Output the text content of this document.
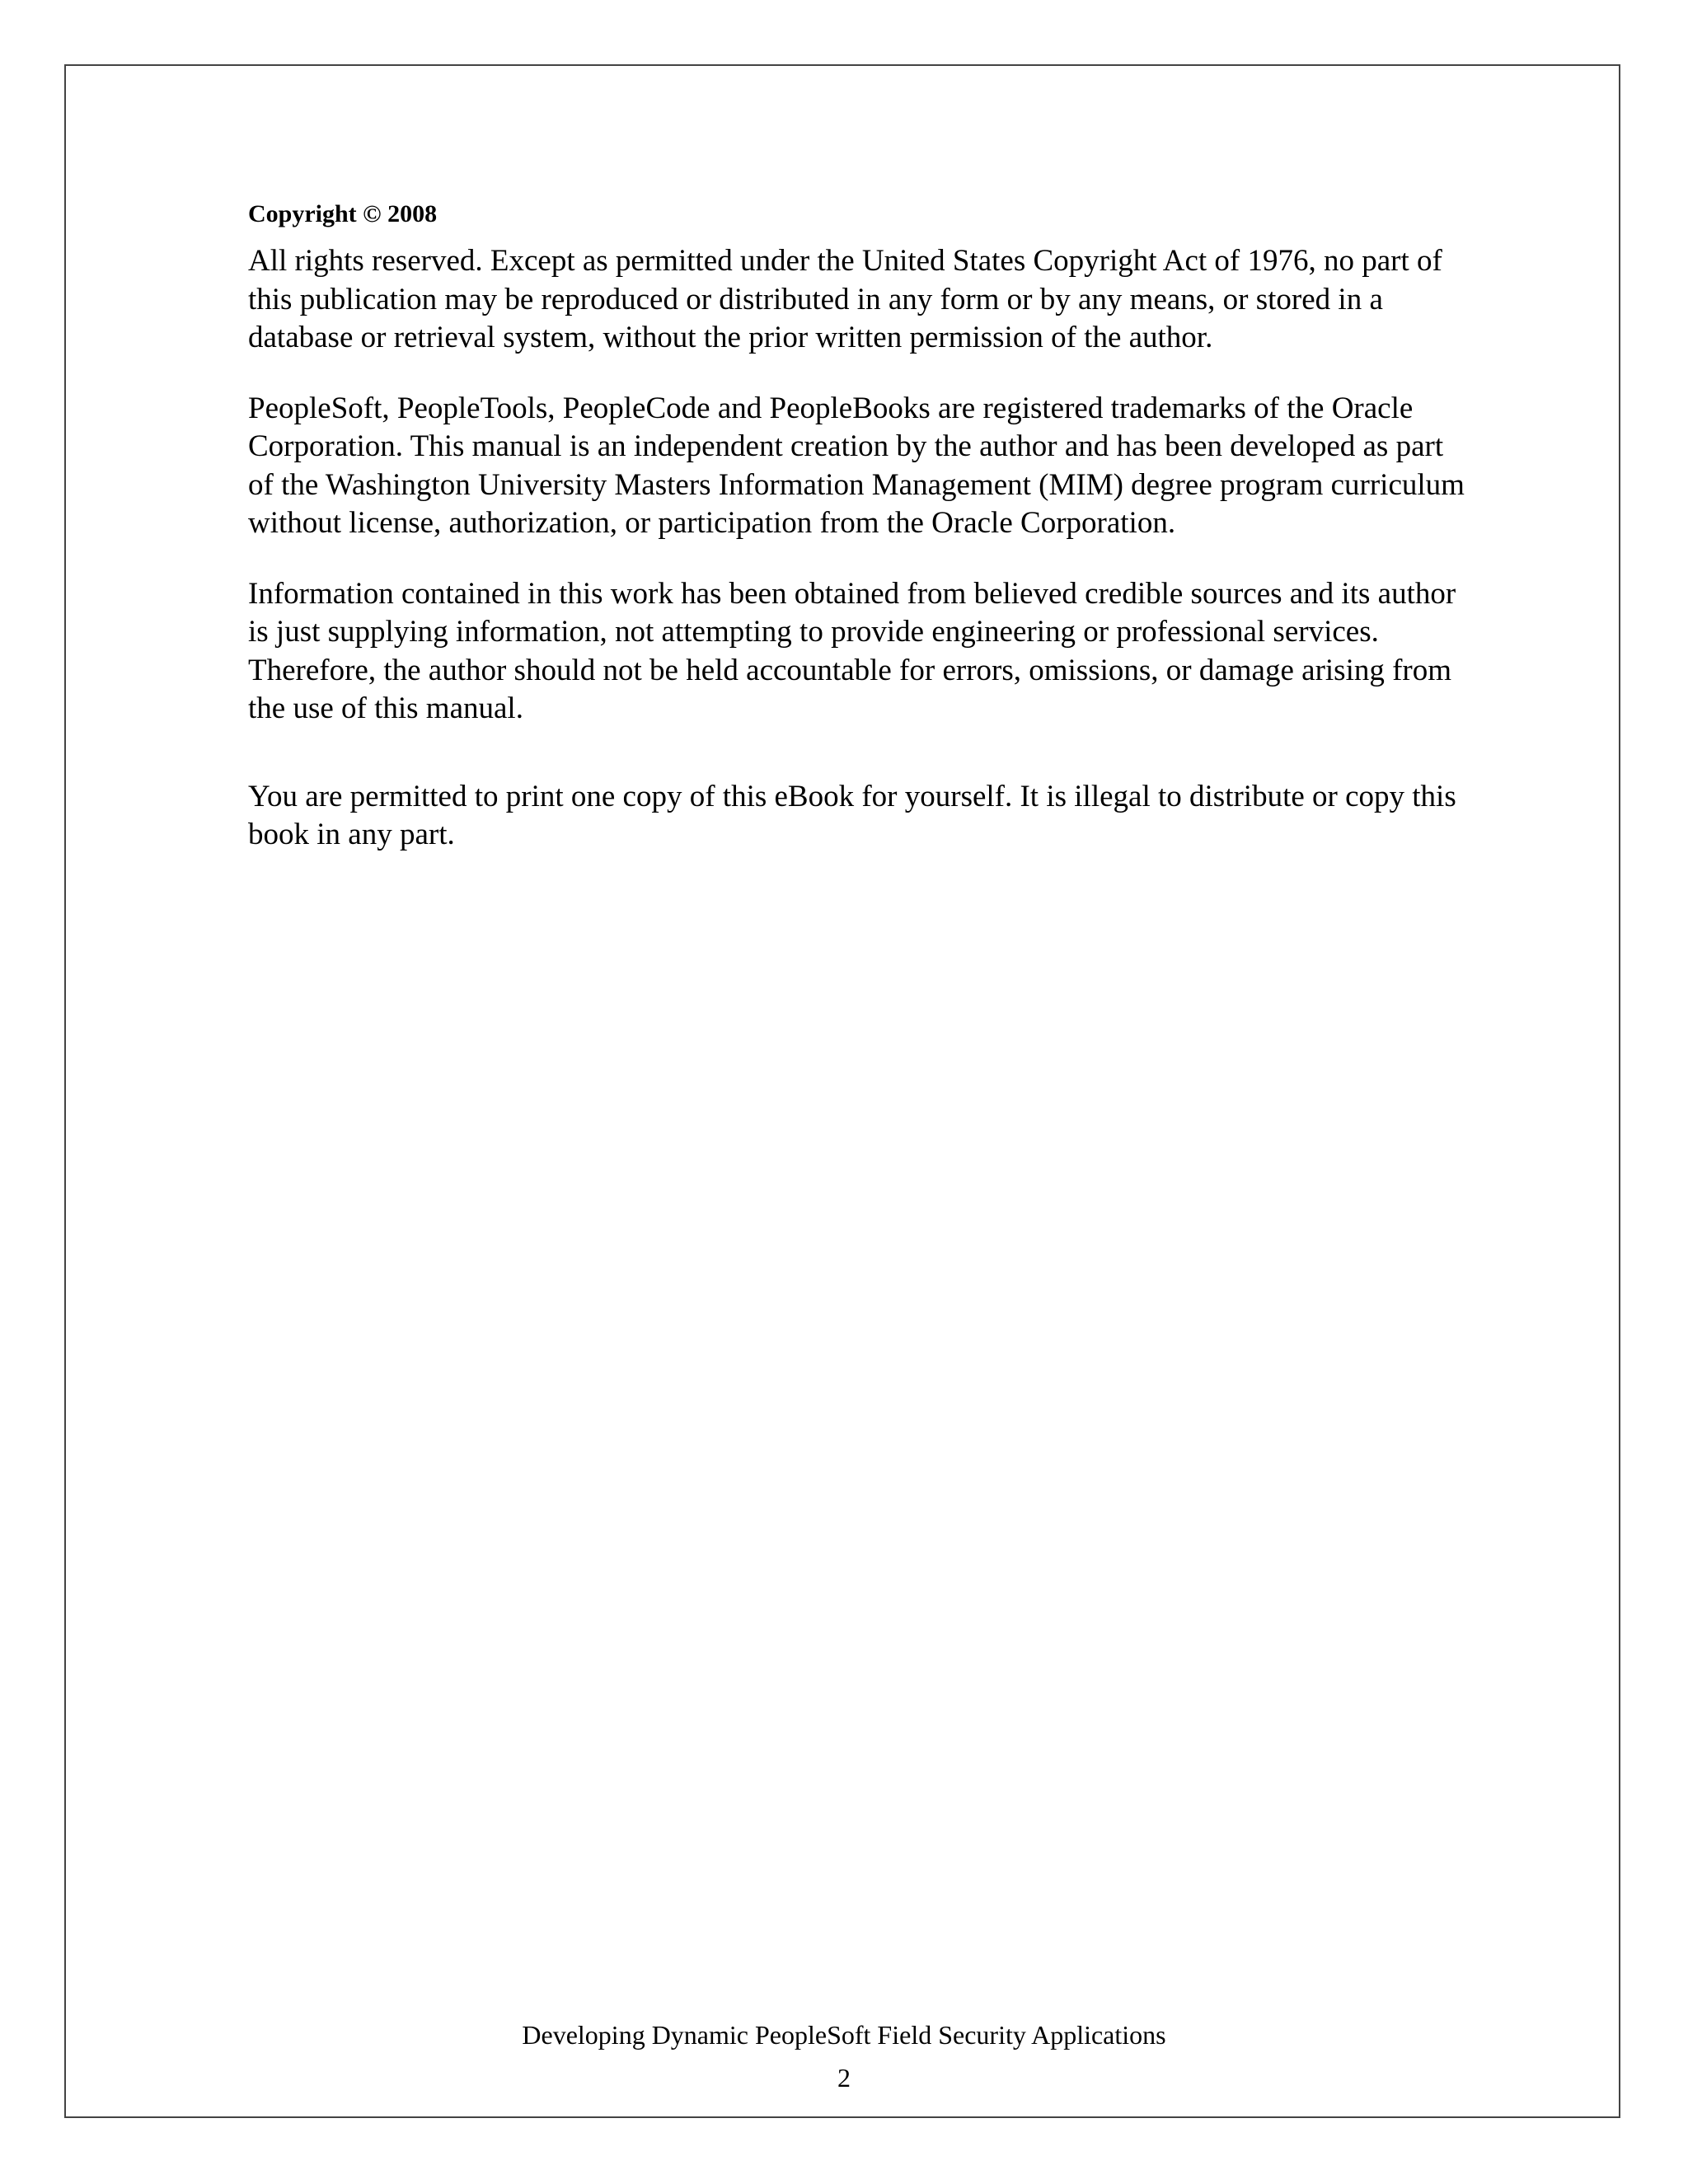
Copyright © 2008

All rights reserved. Except as permitted under the United States Copyright Act of 1976, no part of this publication may be reproduced or distributed in any form or by any means, or stored in a database or retrieval system, without the prior written permission of the author.

PeopleSoft, PeopleTools, PeopleCode and PeopleBooks are registered trademarks of the Oracle Corporation. This manual is an independent creation by the author and has been developed as part of the Washington University Masters Information Management (MIM) degree program curriculum without license, authorization, or participation from the Oracle Corporation.

Information contained in this work has been obtained from believed credible sources and its author is just supplying information, not attempting to provide engineering or professional services. Therefore, the author should not be held accountable for errors, omissions, or damage arising from the use of this manual.

You are permitted to print one copy of this eBook for yourself. It is illegal to distribute or copy this book in any part.

Developing Dynamic PeopleSoft Field Security Applications
2
